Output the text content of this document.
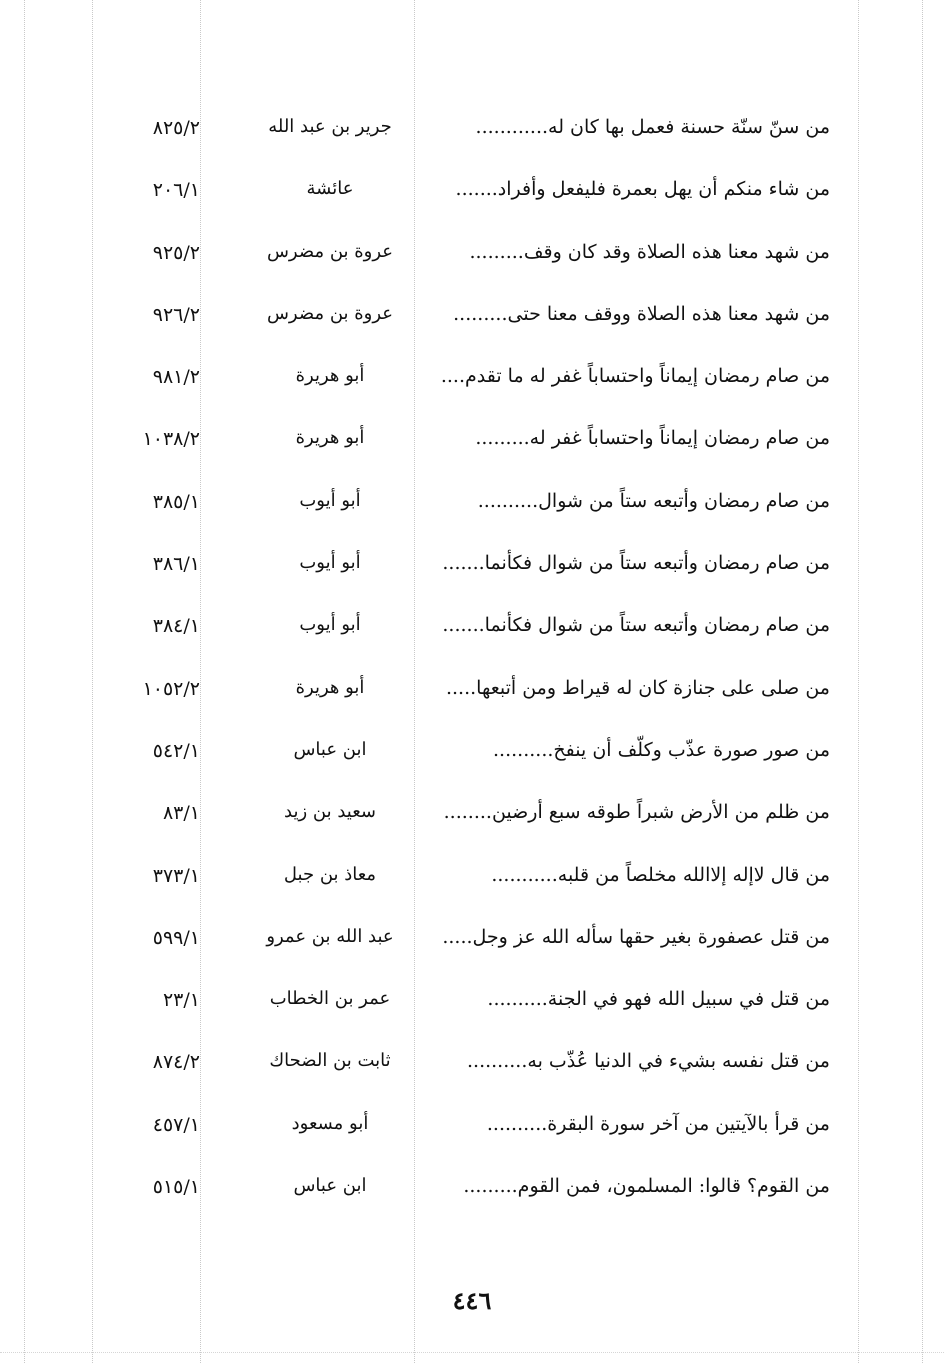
من سنّ سنّة حسنة فعمل بها كان له............
جرير بن عبد الله
٨٢٥/٢
من شاء منكم أن يهل بعمرة فليفعل وأفراد.......
عائشة
٢٠٦/١
من شهد معنا هذه الصلاة وقد كان وقف.........
عروة بن مضرس
٩٢٥/٢
من شهد معنا هذه الصلاة ووقف معنا حتى.........
عروة بن مضرس
٩٢٦/٢
من صام رمضان إيماناً واحتساباً غفر له ما تقدم....
أبو هريرة
٩٨١/٢
من صام رمضان إيماناً واحتساباً غفر له.........
أبو هريرة
١٠٣٨/٢
من صام رمضان وأتبعه ستاً من شوال..........
أبو أيوب
٣٨٥/١
من صام رمضان وأتبعه ستاً من شوال فكأنما.......
أبو أيوب
٣٨٦/١
من صام رمضان وأتبعه ستاً من شوال فكأنما.......
أبو أيوب
٣٨٤/١
من صلى على جنازة كان له قيراط ومن أتبعها.....
أبو هريرة
١٠٥٢/٢
من صور صورة عذّب وكلّف أن ينفخ..........
ابن عباس
٥٤٢/١
من ظلم من الأرض شبراً طوقه سبع أرضين........
سعيد بن زيد
٨٣/١
من قال لاإله إلاالله مخلصاً من قلبه...........
معاذ بن جبل
٣٧٣/١
من قتل عصفورة بغير حقها سأله الله عز وجل.....
عبد الله بن عمرو
٥٩٩/١
من قتل في سبيل الله فهو في الجنة..........
عمر بن الخطاب
٢٣/١
من قتل نفسه بشيء في الدنيا عُذّب به..........
ثابت بن الضحاك
٨٧٤/٢
من قرأ بالآيتين من آخر سورة البقرة..........
أبو مسعود
٤٥٧/١
من القوم؟ قالوا: المسلمون، فمن القوم.........
ابن عباس
٥١٥/١
٤٤٦
